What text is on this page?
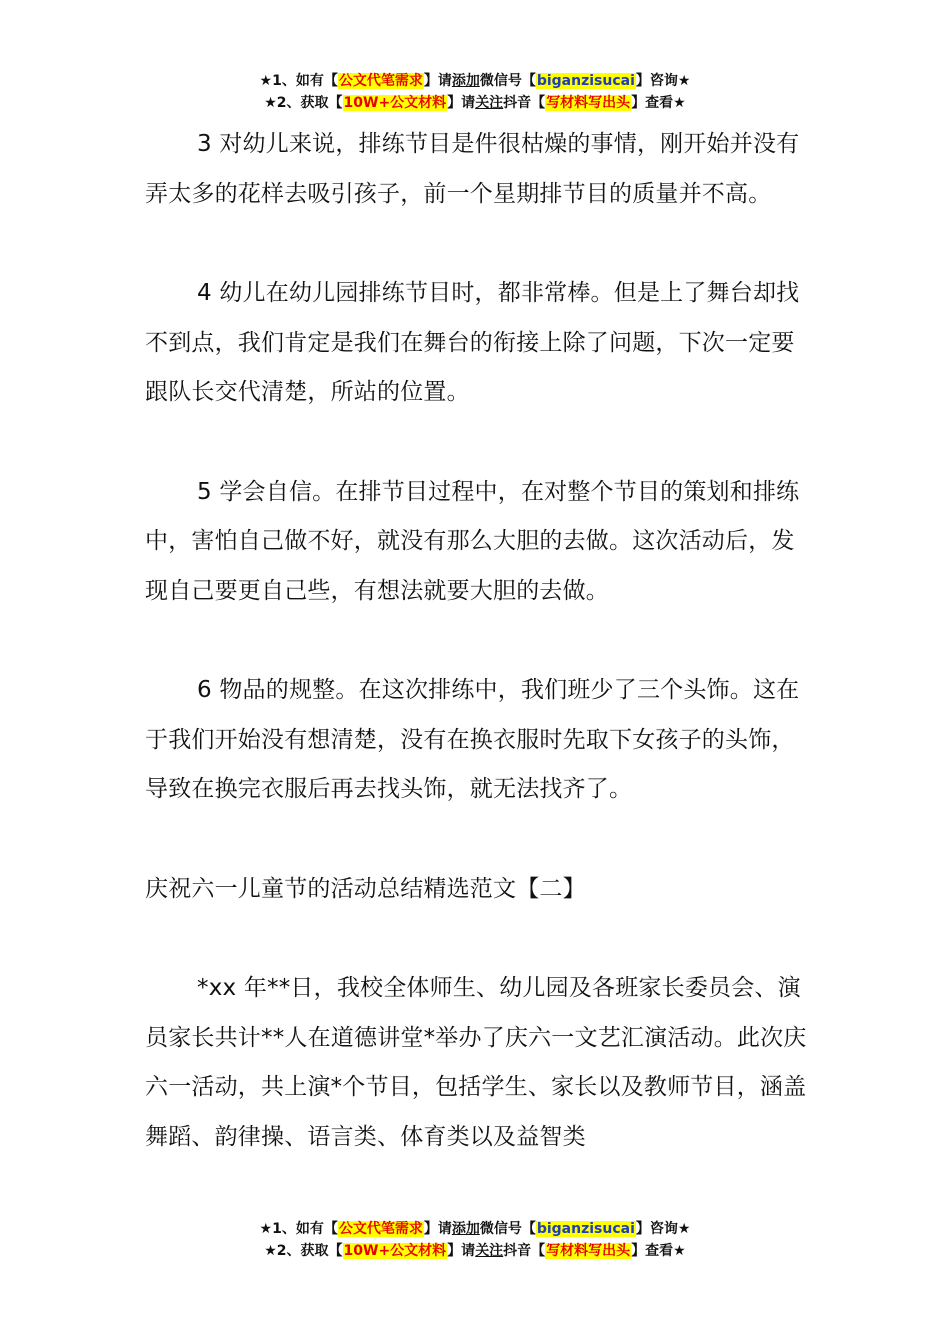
★1、如有【公文代笔需求】请添加微信号【biganzisucai】咨询★
★2、获取【10W+公文材料】请关注抖音【写材料写出头】查看★

3 对幼儿来说，排练节目是件很枯燥的事情，刚开始并没有弄太多的花样去吸引孩子，前一个星期排节目的质量并不高。

4 幼儿在幼儿园排练节目时，都非常棒。但是上了舞台却找不到点，我们肯定是我们在舞台的衔接上除了问题，下次一定要跟队长交代清楚，所站的位置。

5 学会自信。在排节目过程中，在对整个节目的策划和排练中，害怕自己做不好，就没有那么大胆的去做。这次活动后，发现自己要更自己些，有想法就要大胆的去做。

6 物品的规整。在这次排练中，我们班少了三个头饰。这在于我们开始没有想清楚，没有在换衣服时先取下女孩子的头饰，导致在换完衣服后再去找头饰，就无法找齐了。

庆祝六一儿童节的活动总结精选范文【二】

*xx 年**日，我校全体师生、幼儿园及各班家长委员会、演员家长共计**人在道德讲堂*举办了庆六一文艺汇演活动。此次庆六一活动，共上演*个节目，包括学生、家长以及教师节目，涵盖舞蹈、韵律操、语言类、体育类以及益智类

★1、如有【公文代笔需求】请添加微信号【biganzisucai】咨询★
★2、获取【10W+公文材料】请关注抖音【写材料写出头】查看★
